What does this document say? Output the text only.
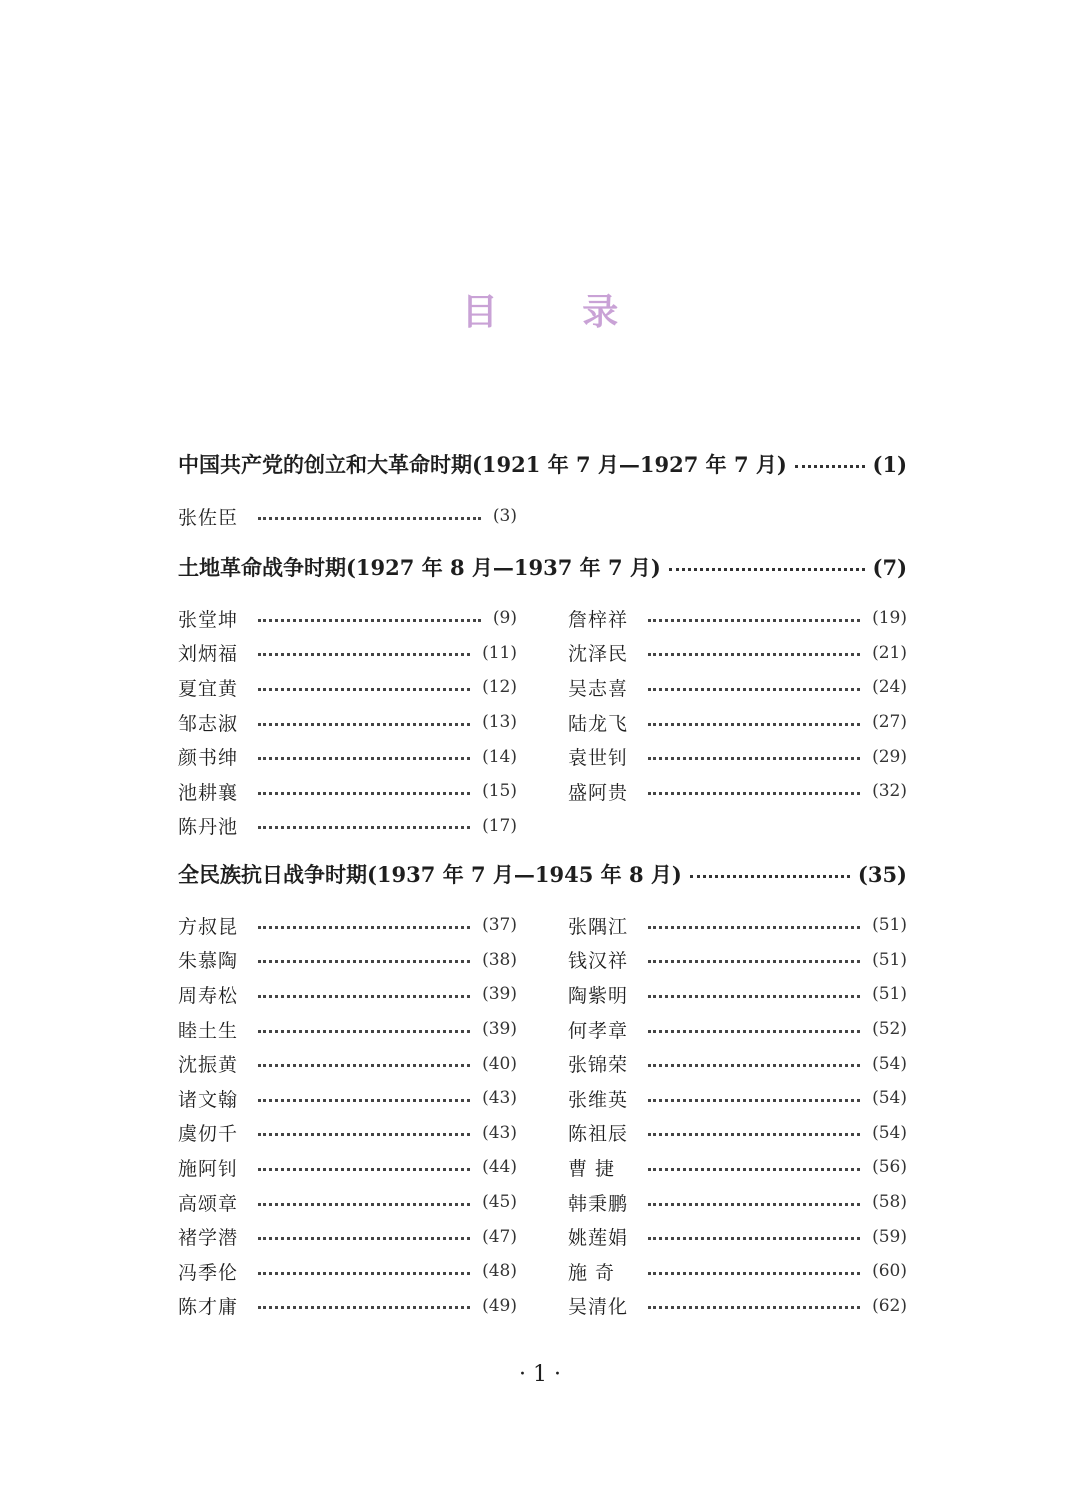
目 录
中国共产党的创立和大革命时期(1921 年 7 月—1927 年 7 月)	(1)
张佐臣	(3)
土地革命战争时期(1927 年 8 月—1937 年 7 月)	(7)
张堂坤	(9)	詹梓祥	(19)
刘炳福	(11)	沈泽民	(21)
夏宜黄	(12)	吴志喜	(24)
邹志淑	(13)	陆龙飞	(27)
颜书绅	(14)	袁世钊	(29)
池耕襄	(15)	盛阿贵	(32)
陈丹池	(17)
全民族抗日战争时期(1937 年 7 月—1945 年 8 月)	(35)
方叔昆	(37)	张隅江	(51)
朱慕陶	(38)	钱汉祥	(51)
周寿松	(39)	陶紫明	(51)
睦土生	(39)	何孝章	(52)
沈振黄	(40)	张锦荣	(54)
诸文翰	(43)	张维英	(54)
虞仞千	(43)	陈祖辰	(54)
施阿钊	(44)	曹 捷	(56)
高颂章	(45)	韩秉鹏	(58)
褚学潜	(47)	姚莲娟	(59)
冯季伦	(48)	施 奇	(60)
陈才庸	(49)	吴清化	(62)
· 1 ·
